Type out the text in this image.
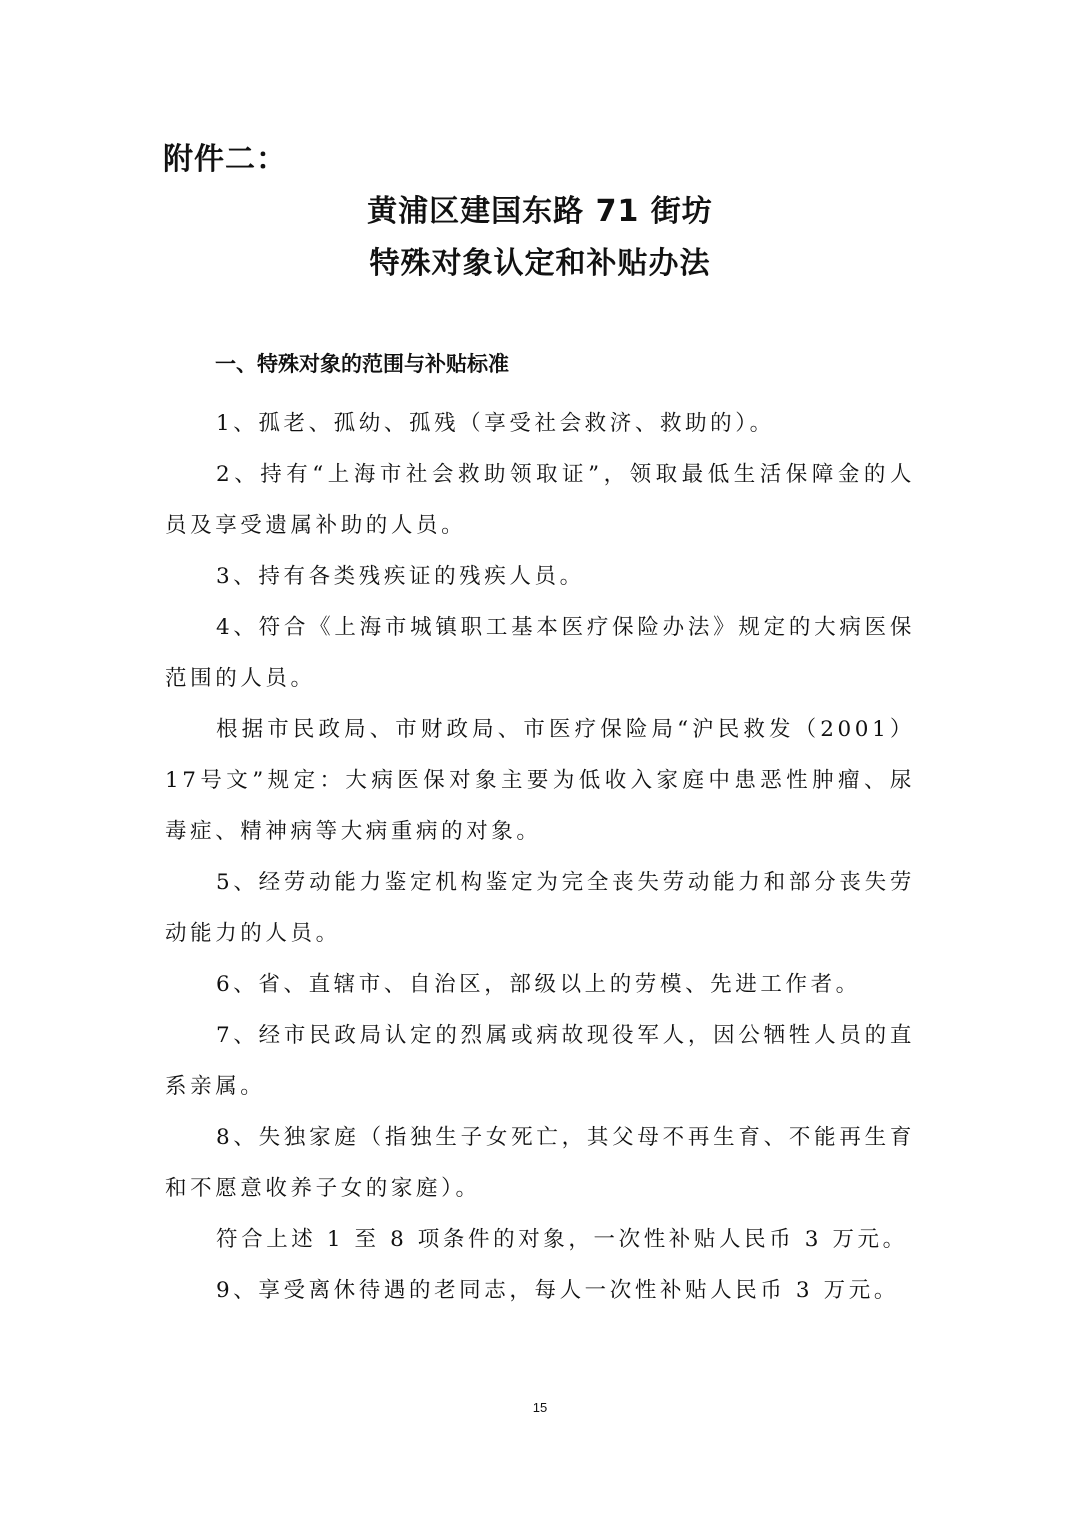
附件二：
黄浦区建国东路 71 街坊
特殊对象认定和补贴办法
一、特殊对象的范围与补贴标准

1、孤老、孤幼、孤残（享受社会救济、救助的）。

2、持有“上海市社会救助领取证”，领取最低生活保障金的人员及享受遗属补助的人员。

3、持有各类残疾证的残疾人员。

4、符合《上海市城镇职工基本医疗保险办法》规定的大病医保范围的人员。

根据市民政局、市财政局、市医疗保险局“沪民救发（2001）17号文”规定：大病医保对象主要为低收入家庭中患恶性肿瘤、尿毒症、精神病等大病重病的对象。

5、经劳动能力鉴定机构鉴定为完全丧失劳动能力和部分丧失劳动能力的人员。

6、省、直辖市、自治区，部级以上的劳模、先进工作者。

7、经市民政局认定的烈属或病故现役军人，因公牺牲人员的直系亲属。

8、失独家庭（指独生子女死亡，其父母不再生育、不能再生育和不愿意收养子女的家庭）。

符合上述 1 至 8 项条件的对象，一次性补贴人民币 3 万元。

9、享受离休待遇的老同志，每人一次性补贴人民币 3 万元。

15
